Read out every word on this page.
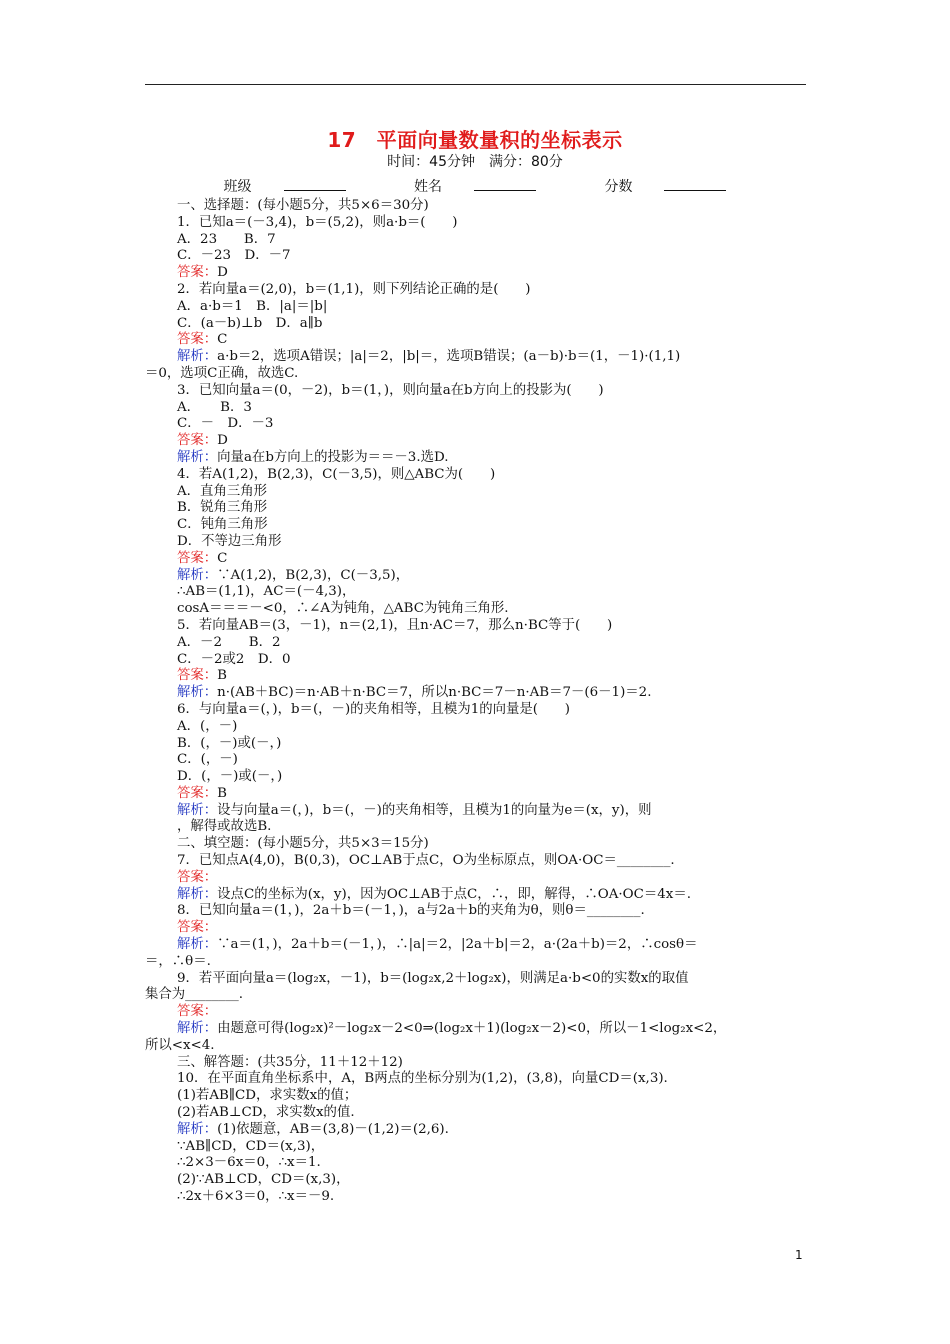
17　平面向量数量积的坐标表示
时间：45分钟　满分：80分
班级	姓名	分数
一、选择题：(每小题5分，共5×6＝30分)
1．已知a＝(－3,4)，b＝(5,2)，则a·b＝(　　)
A．23　　B．7
C．－23　D．－7
答案：D
2．若向量a＝(2,0)，b＝(1,1)，则下列结论正确的是(　　)
A．a·b＝1　B．|a|＝|b|
C．(a－b)⊥b　D．a∥b
答案：C
解析：a·b＝2，选项A错误；|a|＝2，|b|＝，选项B错误；(a－b)·b＝(1，－1)·(1,1)
＝0，选项C正确，故选C.
3．已知向量a＝(0，－2)，b＝(1，)，则向量a在b方向上的投影为(　　)
A．　　B．3
C．－　D．－3
答案：D
解析：向量a在b方向上的投影为＝＝－3.选D.
4．若A(1,2)，B(2,3)，C(－3,5)，则△ABC为(　　)
A．直角三角形
B．锐角三角形
C．钝角三角形
D．不等边三角形
答案：C
解析：∵A(1,2)，B(2,3)，C(－3,5)，
∴AB＝(1,1)，AC＝(－4,3)，
cosA＝＝＝－<0，∴∠A为钝角，△ABC为钝角三角形.
5．若向量AB＝(3，－1)，n＝(2,1)，且n·AC＝7，那么n·BC等于(　　)
A．－2　　B．2
C．－2或2　D．0
答案：B
解析：n·(AB＋BC)＝n·AB＋n·BC＝7，所以n·BC＝7－n·AB＝7－(6－1)＝2.
6．与向量a＝(，)，b＝(，－)的夹角相等，且模为1的向量是(　　)
A．(，－)
B．(，－)或(－，)
C．(，－)
D．(，－)或(－，)
答案：B
解析：设与向量a＝(，)，b＝(，－)的夹角相等，且模为1的向量为e＝(x，y)，则
，解得或故选B.
二、填空题：(每小题5分，共5×3＝15分)
7．已知点A(4,0)，B(0,3)，OC⊥AB于点C，O为坐标原点，则OA·OC＝________.
答案：
解析：设点C的坐标为(x，y)，因为OC⊥AB于点C，∴，即，解得，∴OA·OC＝4x＝.
8．已知向量a＝(1，)，2a＋b＝(－1，)，a与2a＋b的夹角为θ，则θ＝________.
答案：
解析：∵a＝(1，)，2a＋b＝(－1，)，∴|a|＝2，|2a＋b|＝2，a·(2a＋b)＝2，∴cosθ＝
＝，∴θ＝.
9．若平面向量a＝(log₂x，－1)，b＝(log₂x,2＋log₂x)，则满足a·b<0的实数x的取值
集合为________.
答案：
解析：由题意可得(log₂x)²－log₂x－2<0⇒(log₂x＋1)(log₂x－2)<0，所以－1<log₂x<2，
所以<x<4.
三、解答题：(共35分，11＋12＋12)
10．在平面直角坐标系中，A，B两点的坐标分别为(1,2)，(3,8)，向量CD＝(x,3).
(1)若AB∥CD，求实数x的值；
(2)若AB⊥CD，求实数x的值.
解析：(1)依题意，AB＝(3,8)－(1,2)＝(2,6).
∵AB∥CD，CD＝(x,3)，
∴2×3－6x＝0，∴x＝1.
(2)∵AB⊥CD，CD＝(x,3)，
∴2x＋6×3＝0，∴x＝－9.
1
